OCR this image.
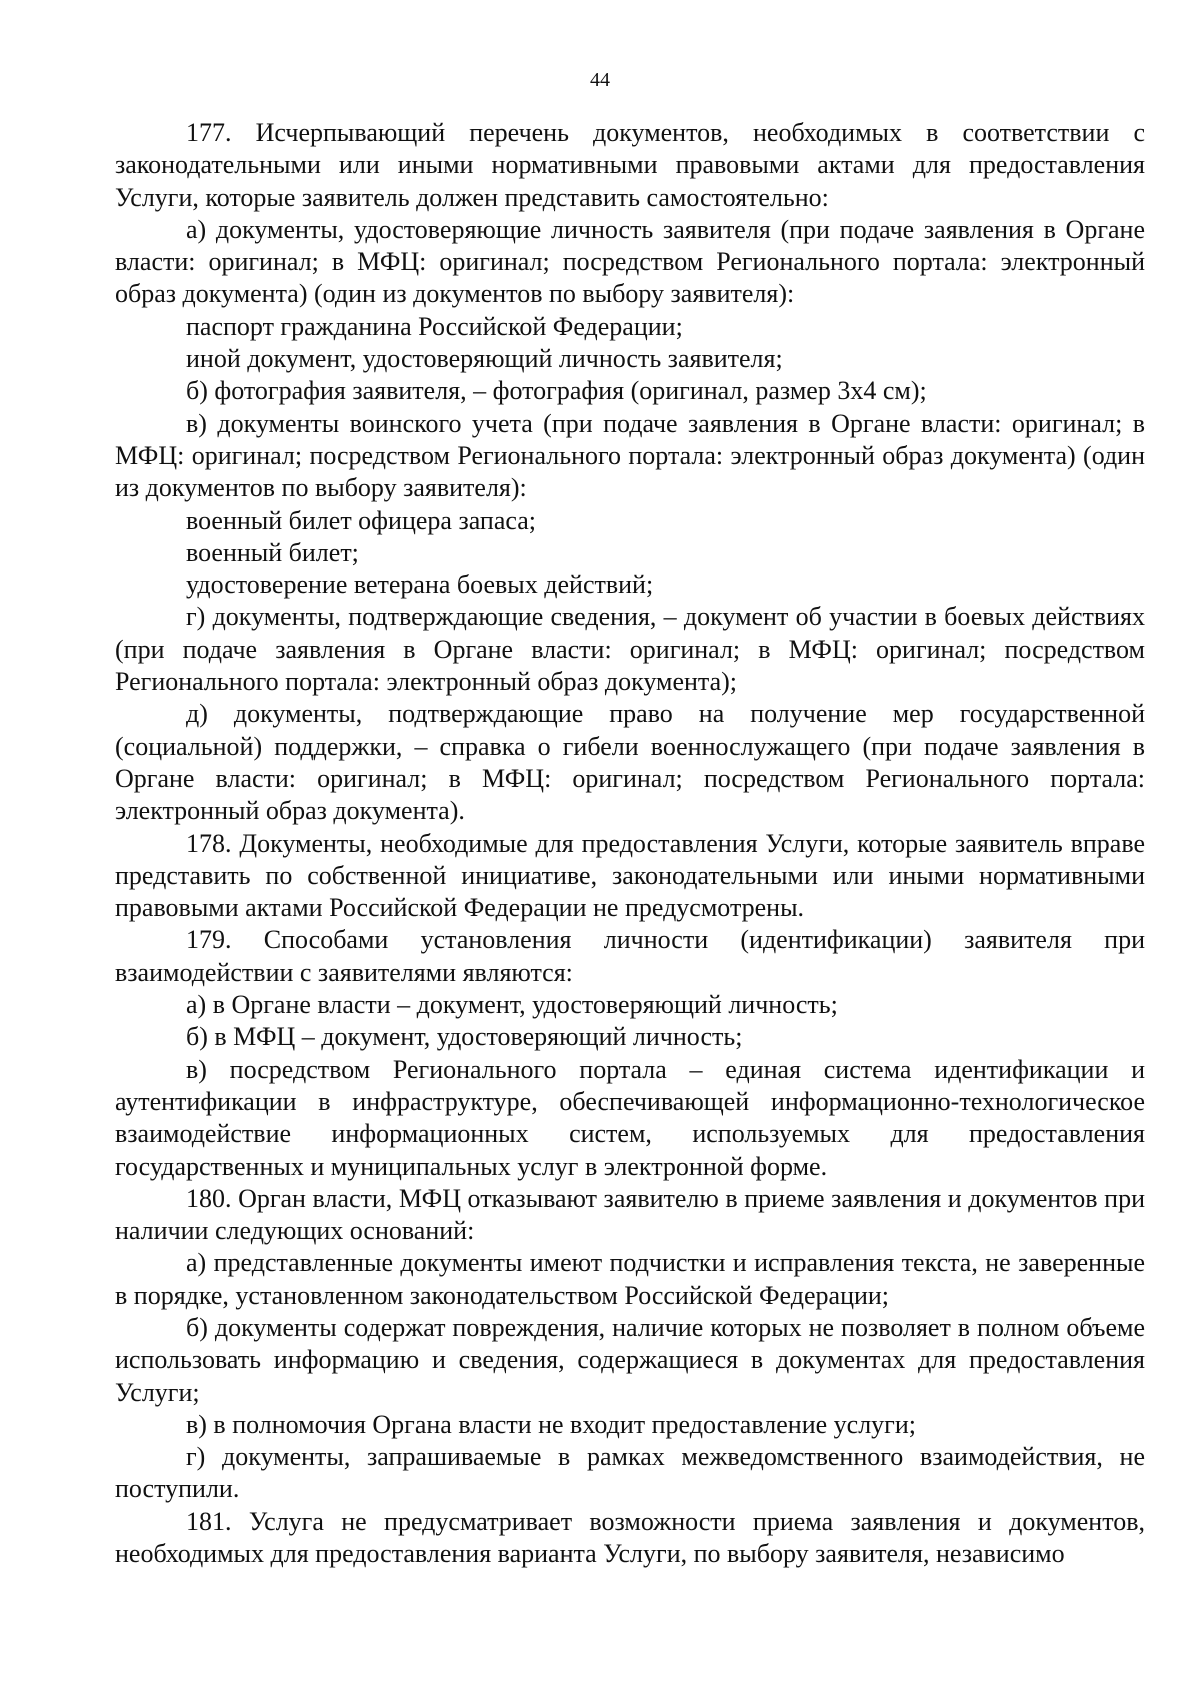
44

177. Исчерпывающий перечень документов, необходимых в соответствии с законодательными или иными нормативными правовыми актами для предоставления Услуги, которые заявитель должен представить самостоятельно:

а) документы, удостоверяющие личность заявителя (при подаче заявления в Органе власти: оригинал; в МФЦ: оригинал; посредством Регионального портала: электронный образ документа) (один из документов по выбору заявителя):

паспорт гражданина Российской Федерации;

иной документ, удостоверяющий личность заявителя;

б) фотография заявителя, – фотография (оригинал, размер 3х4 см);

в) документы воинского учета (при подаче заявления в Органе власти: оригинал; в МФЦ: оригинал; посредством Регионального портала: электронный образ документа) (один из документов по выбору заявителя):

военный билет офицера запаса;

военный билет;

удостоверение ветерана боевых действий;

г) документы, подтверждающие сведения, – документ об участии в боевых действиях (при подаче заявления в Органе власти: оригинал; в МФЦ: оригинал; посредством Регионального портала: электронный образ документа);

д) документы, подтверждающие право на получение мер государственной (социальной) поддержки, – справка о гибели военнослужащего (при подаче заявления в Органе власти: оригинал; в МФЦ: оригинал; посредством Регионального портала: электронный образ документа).

178. Документы, необходимые для предоставления Услуги, которые заявитель вправе представить по собственной инициативе, законодательными или иными нормативными правовыми актами Российской Федерации не предусмотрены.

179. Способами установления личности (идентификации) заявителя при взаимодействии с заявителями являются:

а) в Органе власти – документ, удостоверяющий личность;

б) в МФЦ – документ, удостоверяющий личность;

в) посредством Регионального портала – единая система идентификации и аутентификации в инфраструктуре, обеспечивающей информационно-технологическое взаимодействие информационных систем, используемых для предоставления государственных и муниципальных услуг в электронной форме.

180. Орган власти, МФЦ отказывают заявителю в приеме заявления и документов при наличии следующих оснований:

а) представленные документы имеют подчистки и исправления текста, не заверенные в порядке, установленном законодательством Российской Федерации;

б) документы содержат повреждения, наличие которых не позволяет в полном объеме использовать информацию и сведения, содержащиеся в документах для предоставления Услуги;

в) в полномочия Органа власти не входит предоставление услуги;

г) документы, запрашиваемые в рамках межведомственного взаимодействия, не поступили.

181. Услуга не предусматривает возможности приема заявления и документов, необходимых для предоставления варианта Услуги, по выбору заявителя, независимо
